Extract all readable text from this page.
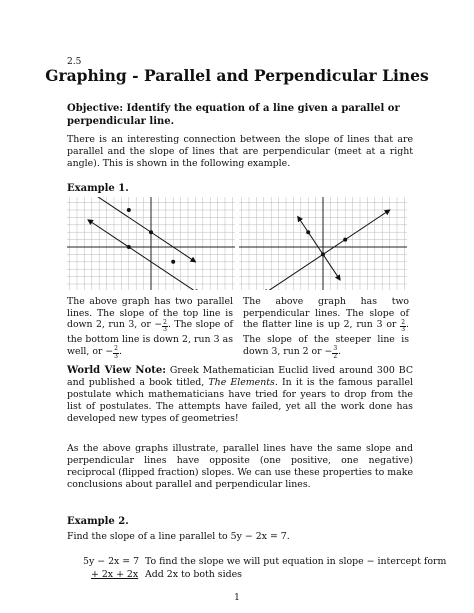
2.5
Graphing - Parallel and Perpendicular Lines
Objective: Identify the equation of a line given a parallel or perpendicular line.
There is an interesting connection between the slope of lines that are parallel and the slope of lines that are perpendicular (meet at a right angle). This is shown in the following example.
Example 1.
The above graph has two parallel lines. The slope of the top line is down 2, run 3, or − $\frac{2}{3}$ . The slope of the bottom line is down 2, run 3 as well, or − $\frac{2}{3}$ .
The above graph has two perpendicular lines. The slope of the flatter line is up 2, run 3 or $\frac{2}{3}$ . The slope of the steeper line is down 3, run 2 or − $\frac{3}{2}$ .
World View Note: Greek Mathematician Euclid lived around 300 BC and published a book titled, The Elements. In it is the famous parallel postulate which mathematicians have tried for years to drop from the list of postulates. The attempts have failed, yet all the work done has developed new types of geometries!
As the above graphs illustrate, parallel lines have the same slope and perpendicular lines have opposite (one positive, one negative) reciprocal (flipped fraction) slopes. We can use these properties to make conclusions about parallel and perpendicular lines.
Example 2.
Find the slope of a line parallel to 5y − 2x = 7.
5y − 2x = 7 To find the slope we will put equation in slope − intercept form
+ 2x + 2x Add 2x to both sides
1
